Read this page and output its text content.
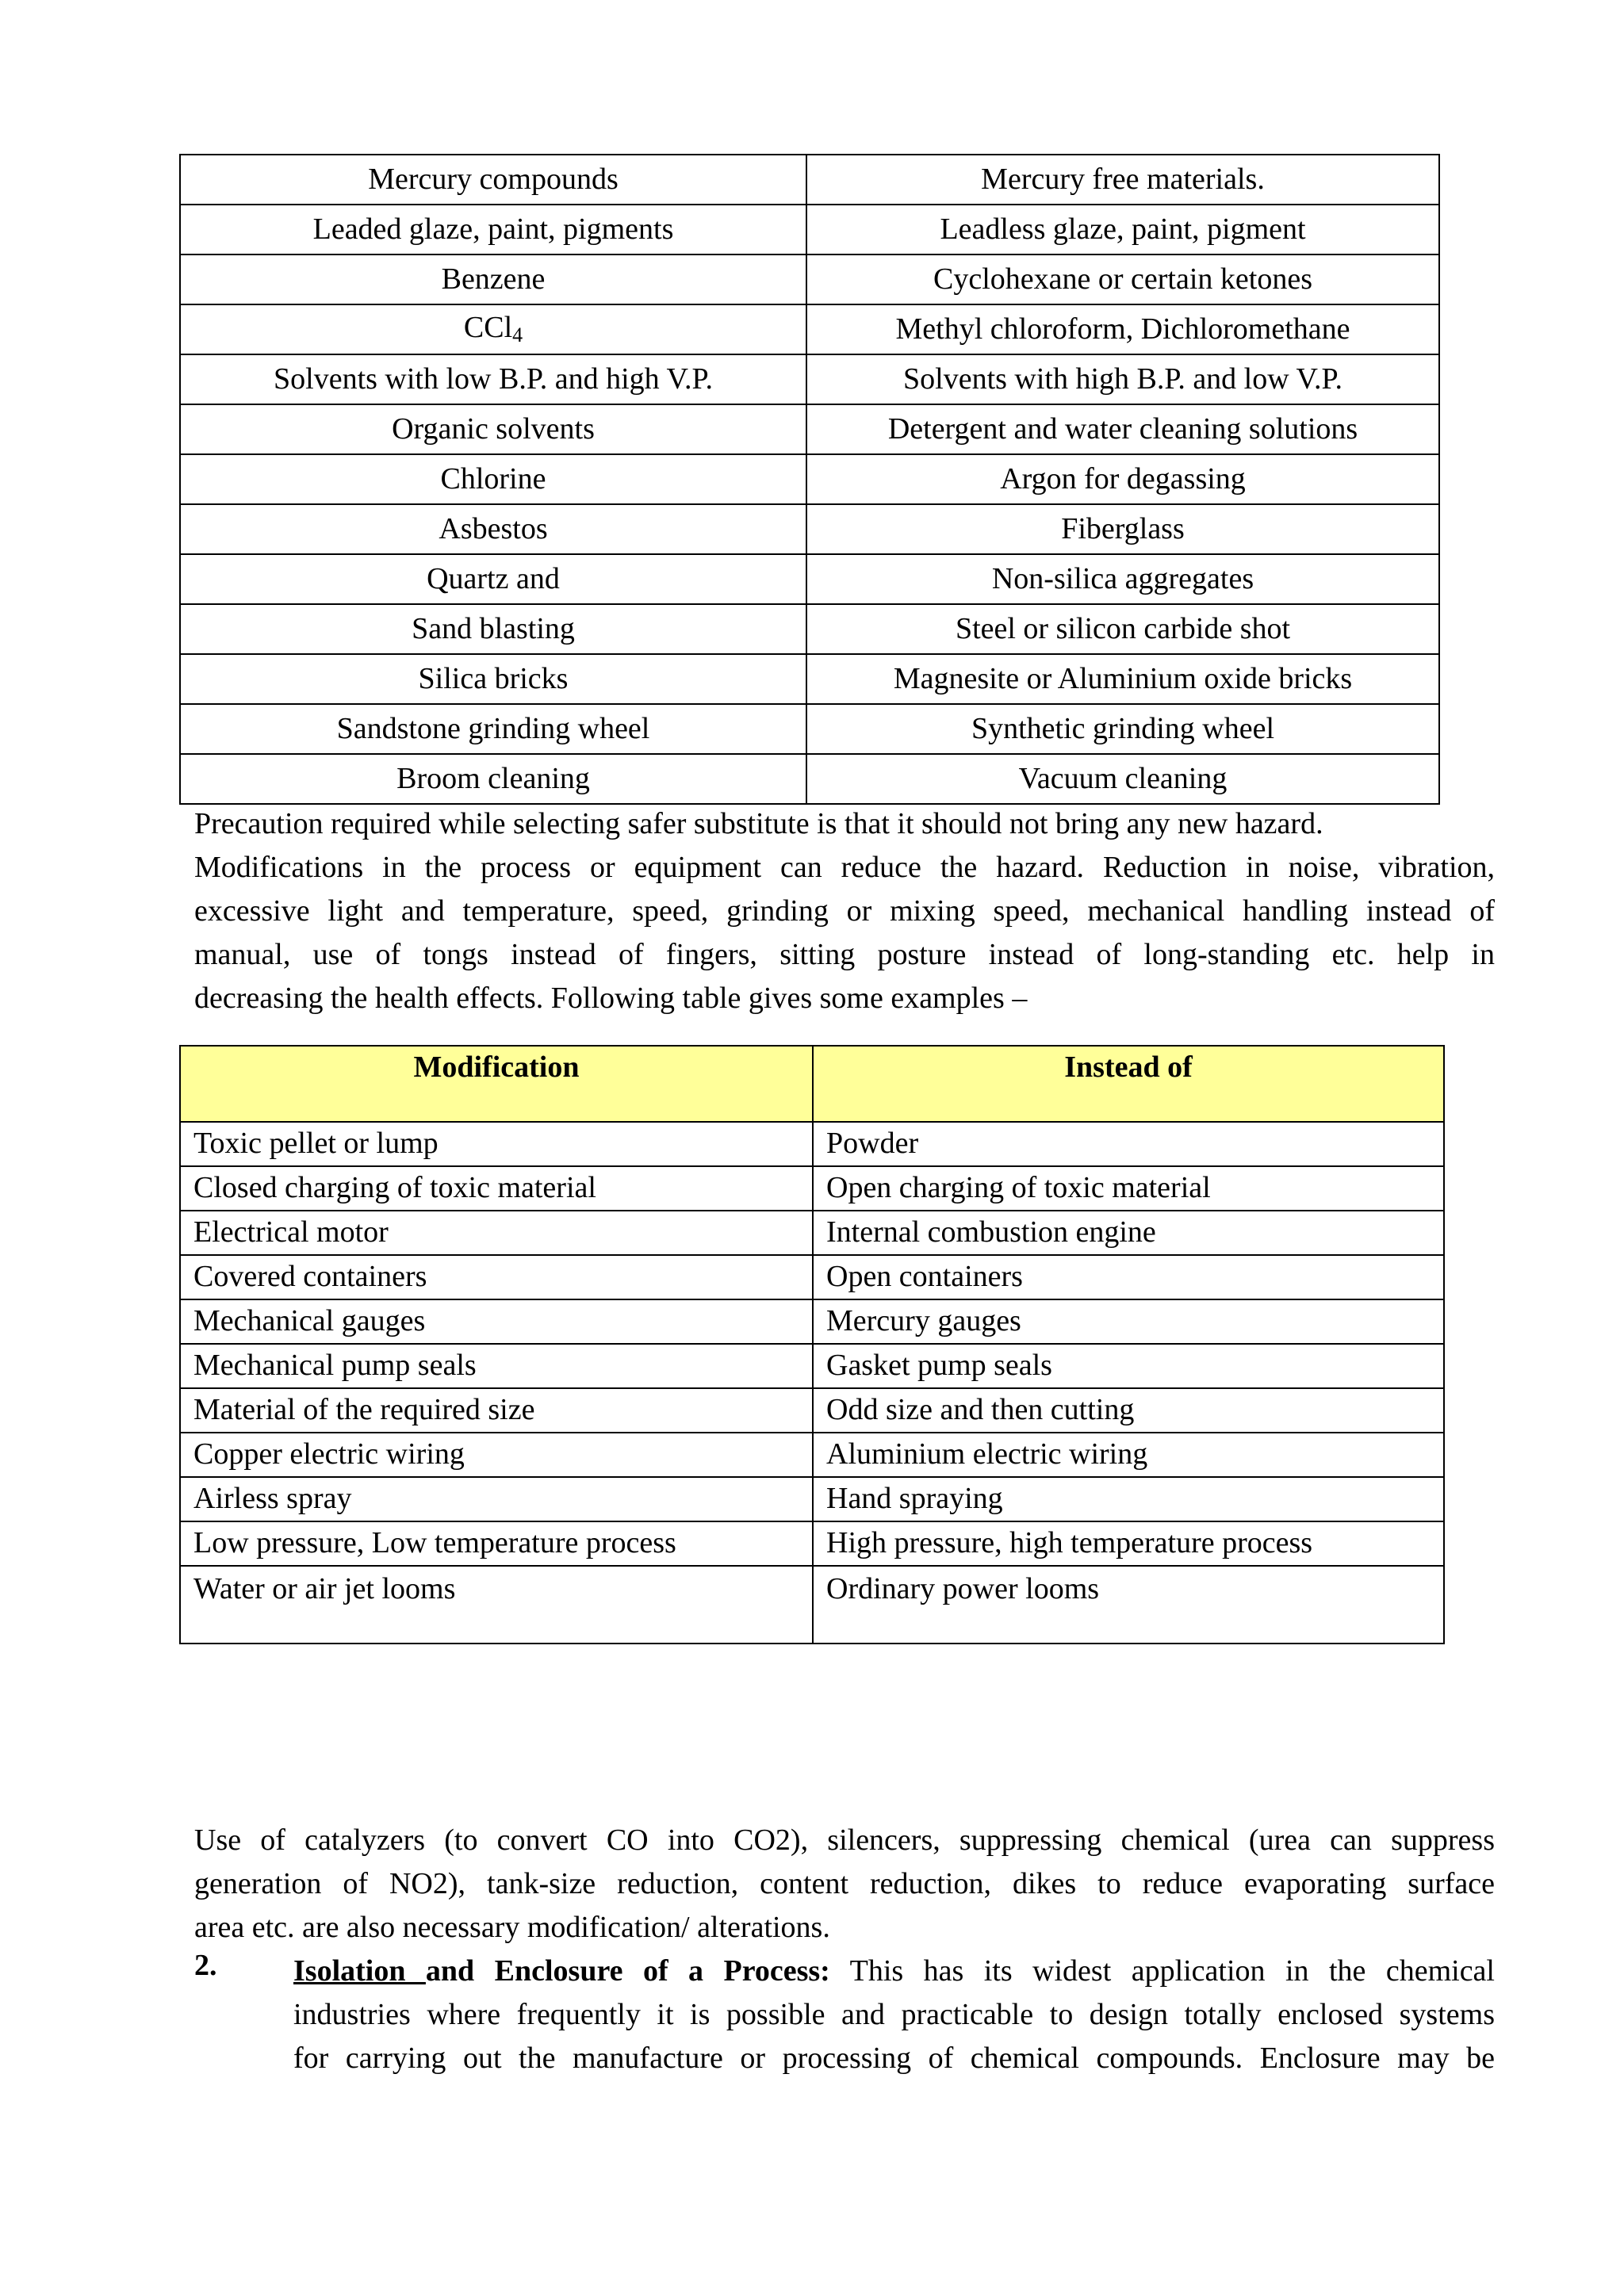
Mercury compounds	Mercury free materials.
Leaded glaze, paint, pigments	Leadless glaze, paint, pigment
Benzene	Cyclohexane or certain ketones
CCl$_4$	Methyl chloroform, Dichloromethane
Solvents with low B.P. and high V.P.	Solvents with high B.P. and low V.P.
Organic solvents	Detergent and water cleaning solutions
Chlorine	Argon for degassing
Asbestos	Fiberglass
Quartz and	Non-silica aggregates
Sand blasting	Steel or silicon carbide shot
Silica bricks	Magnesite or Aluminium oxide bricks
Sandstone grinding wheel	Synthetic grinding wheel
Broom cleaning	Vacuum cleaning
Precaution required while selecting safer substitute is that it should not bring any new hazard.
Modifications in the process or equipment can reduce the hazard. Reduction in noise, vibration,
excessive light and temperature, speed, grinding or mixing speed, mechanical handling instead of
manual, use of tongs instead of fingers, sitting posture instead of long-standing etc. help in
decreasing the health effects. Following table gives some examples –
Modification	Instead of
Toxic pellet or lump	Powder
Closed charging of toxic material	Open charging of toxic material
Electrical motor	Internal combustion engine
Covered containers	Open containers
Mechanical gauges	Mercury gauges
Mechanical pump seals	Gasket pump seals
Material of the required size	Odd size and then cutting
Copper electric wiring	Aluminium electric wiring
Airless spray	Hand spraying
Low pressure, Low temperature process	High pressure, high temperature process
Water or air jet looms	Ordinary power looms
Use of catalyzers (to convert CO into CO2), silencers, suppressing chemical (urea can suppress
generation of NO2), tank-size reduction, content reduction, dikes to reduce evaporating surface
area etc. are also necessary modification/ alterations.
2.	Isolation and Enclosure of a Process: This has its widest application in the chemical
industries where frequently it is possible and practicable to design totally enclosed systems
for carrying out the manufacture or processing of chemical compounds. Enclosure may be
